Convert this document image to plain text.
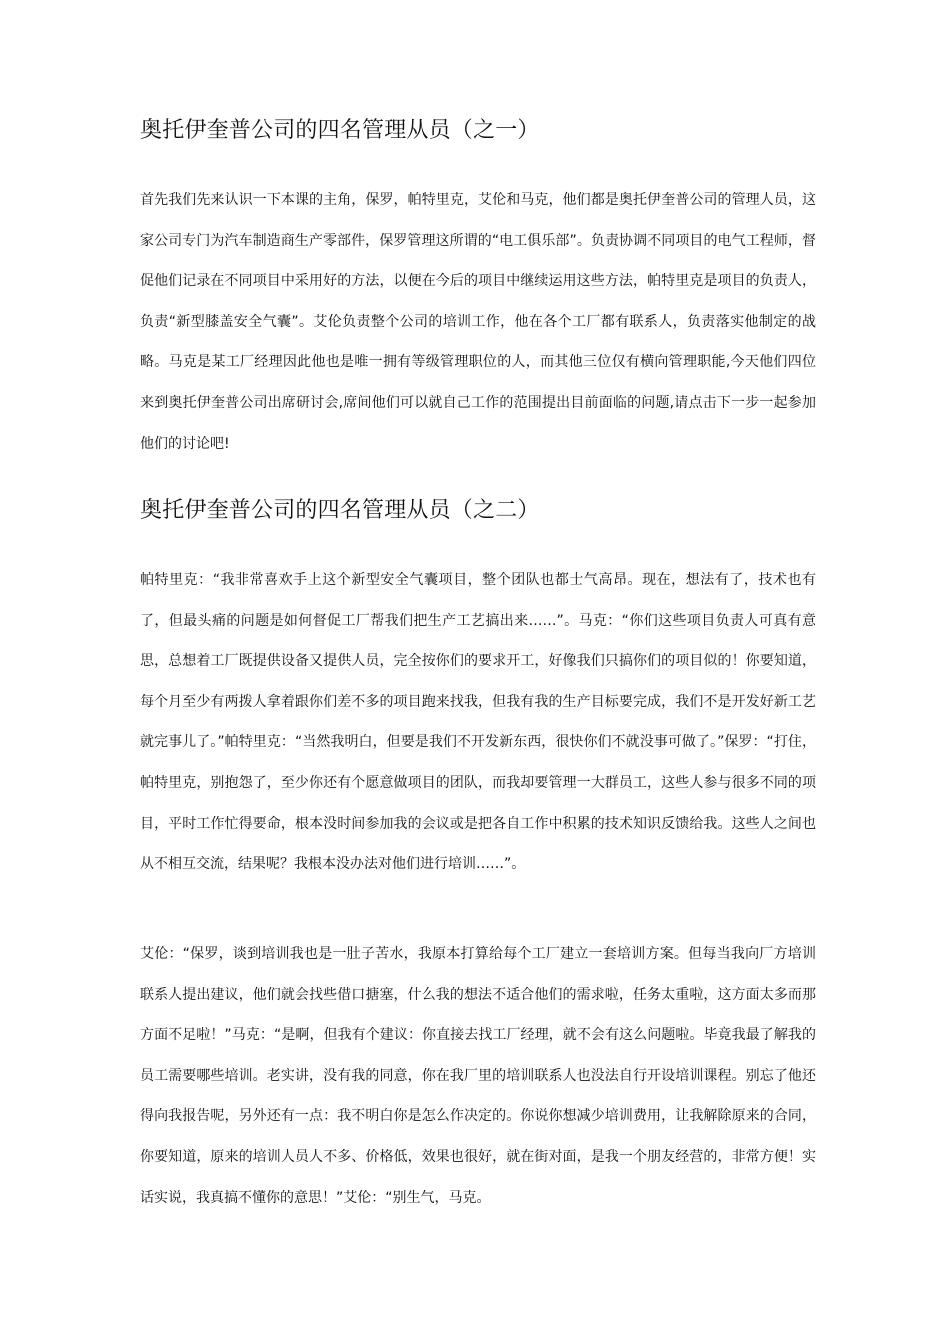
奥托伊奎普公司的四名管理从员（之一）

首先我们先来认识一下本课的主角，保罗，帕特里克，艾伦和马克，他们都是奥托伊奎普公司的管理人员，这家公司专门为汽车制造商生产零部件，保罗管理这所谓的“电工俱乐部”。负责协调不同项目的电气工程师，督促他们记录在不同项目中采用好的方法，以便在今后的项目中继续运用这些方法，帕特里克是项目的负责人，负责“新型膝盖安全气囊”。艾伦负责整个公司的培训工作，他在各个工厂都有联系人，负责落实他制定的战略。马克是某工厂经理因此他也是唯一拥有等级管理职位的人，而其他三位仅有横向管理职能,今天他们四位来到奥托伊奎普公司出席研讨会,席间他们可以就自己工作的范围提出目前面临的问题,请点击下一步一起参加他们的讨论吧!

奥托伊奎普公司的四名管理从员（之二）

帕特里克：“我非常喜欢手上这个新型安全气囊项目，整个团队也都士气高昂。现在，想法有了，技术也有了，但最头痛的问题是如何督促工厂帮我们把生产工艺搞出来……”。马克：“你们这些项目负责人可真有意思，总想着工厂既提供设备又提供人员，完全按你们的要求开工，好像我们只搞你们的项目似的！你要知道，每个月至少有两拨人拿着跟你们差不多的项目跑来找我，但我有我的生产目标要完成，我们不是开发好新工艺就完事儿了。”帕特里克：“当然我明白，但要是我们不开发新东西，很快你们不就没事可做了。”保罗：“打住，帕特里克，别抱怨了，至少你还有个愿意做项目的团队，而我却要管理一大群员工，这些人参与很多不同的项目，平时工作忙得要命，根本没时间参加我的会议或是把各自工作中积累的技术知识反馈给我。这些人之间也从不相互交流，结果呢？我根本没办法对他们进行培训……”。

艾伦：“保罗，谈到培训我也是一肚子苦水，我原本打算给每个工厂建立一套培训方案。但每当我向厂方培训联系人提出建议，他们就会找些借口搪塞，什么我的想法不适合他们的需求啦，任务太重啦，这方面太多而那方面不足啦！”马克：“是啊，但我有个建议：你直接去找工厂经理，就不会有这么问题啦。毕竟我最了解我的员工需要哪些培训。老实讲，没有我的同意，你在我厂里的培训联系人也没法自行开设培训课程。别忘了他还得向我报告呢，另外还有一点：我不明白你是怎么作决定的。你说你想减少培训费用，让我解除原来的合同，你要知道，原来的培训人员人不多、价格低，效果也很好，就在街对面，是我一个朋友经营的，非常方便！实话实说，我真搞不懂你的意思！”艾伦：“别生气，马克。
